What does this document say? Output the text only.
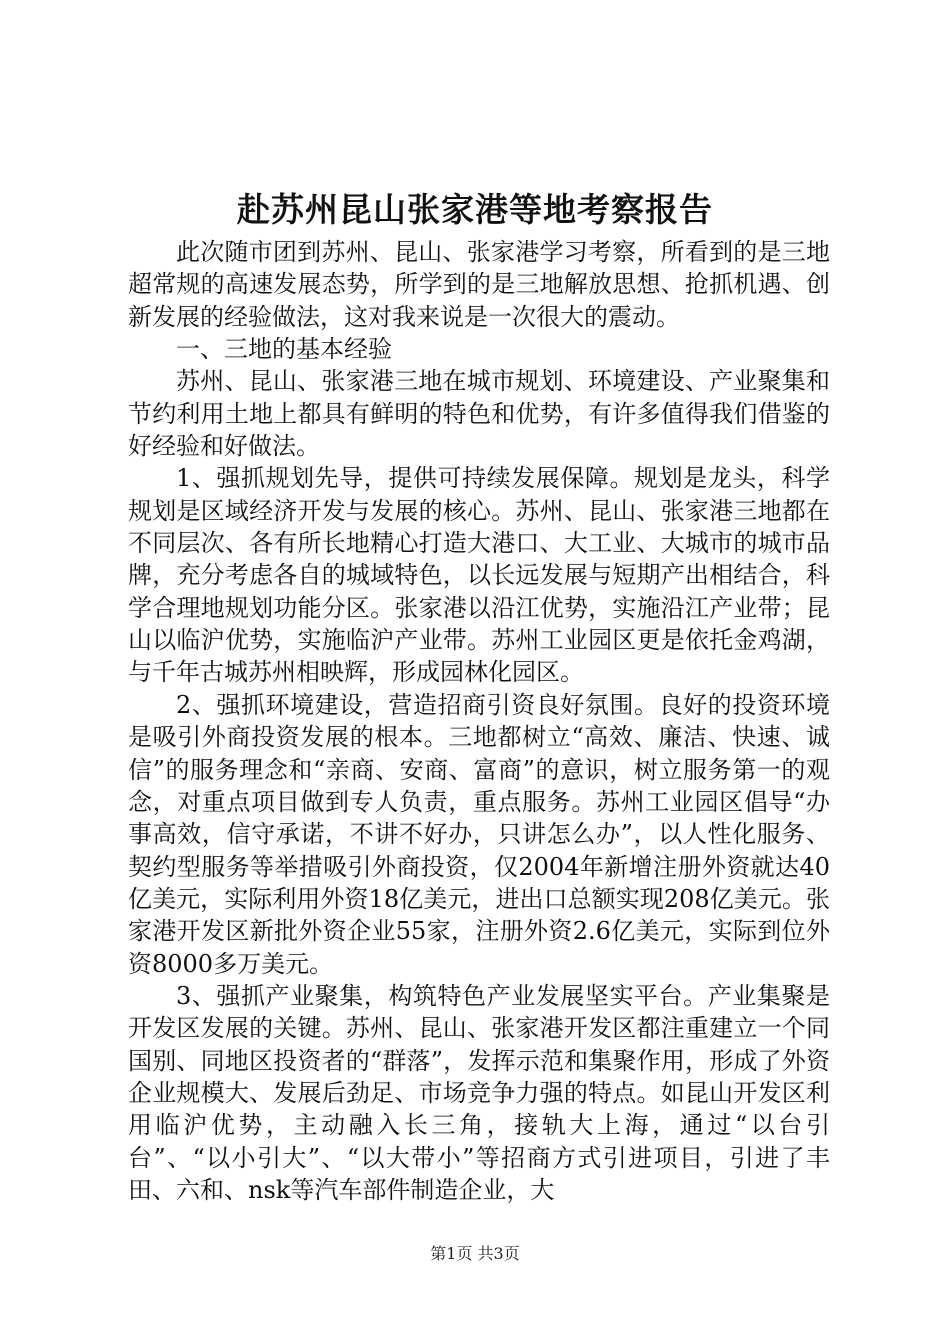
赴苏州昆山张家港等地考察报告

此次随市团到苏州、昆山、张家港学习考察，所看到的是三地超常规的高速发展态势，所学到的是三地解放思想、抢抓机遇、创新发展的经验做法，这对我来说是一次很大的震动。

一、三地的基本经验

苏州、昆山、张家港三地在城市规划、环境建设、产业聚集和节约利用土地上都具有鲜明的特色和优势，有许多值得我们借鉴的好经验和好做法。

1、强抓规划先导，提供可持续发展保障。规划是龙头，科学规划是区域经济开发与发展的核心。苏州、昆山、张家港三地都在不同层次、各有所长地精心打造大港口、大工业、大城市的城市品牌，充分考虑各自的城域特色，以长远发展与短期产出相结合，科学合理地规划功能分区。张家港以沿江优势，实施沿江产业带；昆山以临沪优势，实施临沪产业带。苏州工业园区更是依托金鸡湖，与千年古城苏州相映辉，形成园林化园区。

2、强抓环境建设，营造招商引资良好氛围。良好的投资环境是吸引外商投资发展的根本。三地都树立“高效、廉洁、快速、诚信”的服务理念和“亲商、安商、富商”的意识，树立服务第一的观念，对重点项目做到专人负责，重点服务。苏州工业园区倡导“办事高效，信守承诺，不讲不好办，只讲怎么办”，以人性化服务、契约型服务等举措吸引外商投资，仅2004年新增注册外资就达40亿美元，实际利用外资18亿美元，进出口总额实现208亿美元。张家港开发区新批外资企业55家，注册外资2.6亿美元，实际到位外资8000多万美元。

3、强抓产业聚集，构筑特色产业发展坚实平台。产业集聚是开发区发展的关键。苏州、昆山、张家港开发区都注重建立一个同国别、同地区投资者的“群落”，发挥示范和集聚作用，形成了外资企业规模大、发展后劲足、市场竞争力强的特点。如昆山开发区利用临沪优势，主动融入长三角，接轨大上海，通过“以台引台”、“以小引大”、“以大带小”等招商方式引进项目，引进了丰田、六和、nsk等汽车部件制造企业，大

第1页 共3页
